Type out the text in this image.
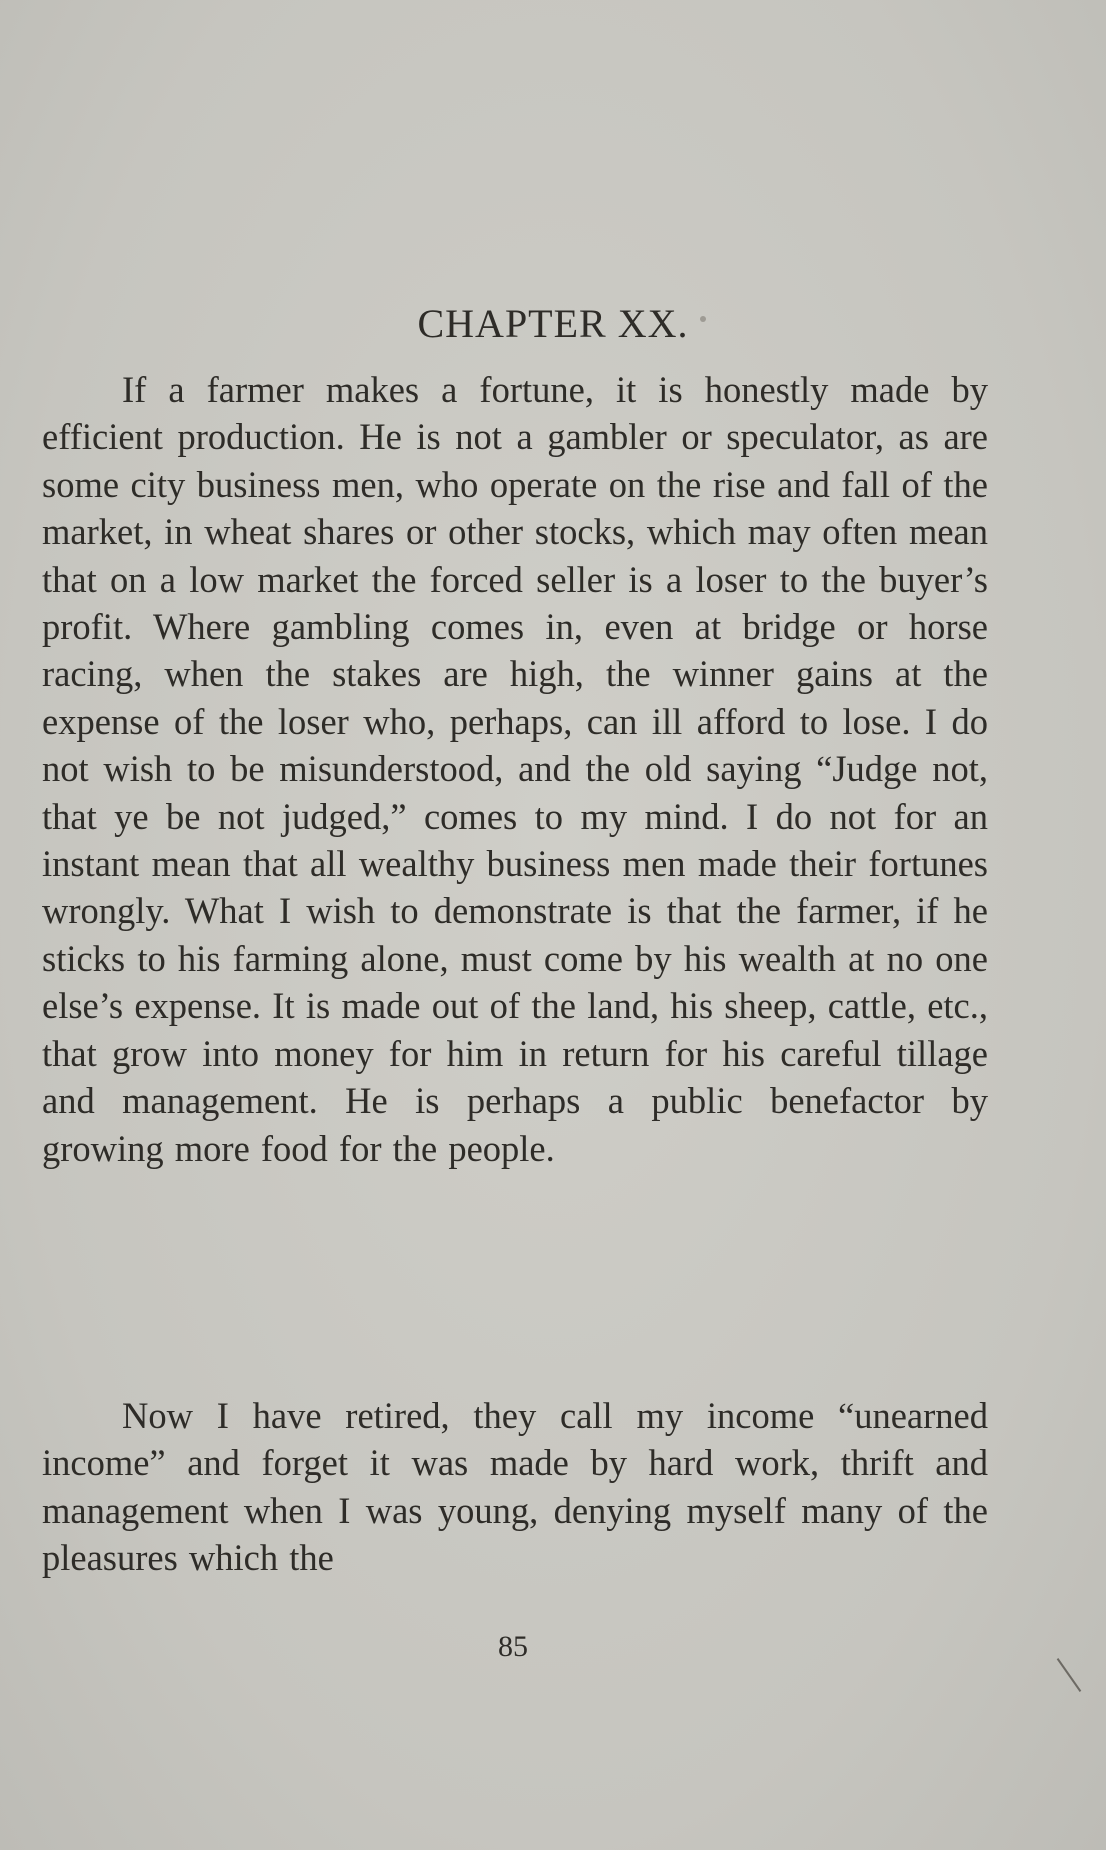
CHAPTER XX.

If a farmer makes a fortune, it is honestly made by efficient production. He is not a gambler or speculator, as are some city business men, who operate on the rise and fall of the market, in wheat shares or other stocks, which may often mean that on a low market the forced seller is a loser to the buyer’s profit. Where gambling comes in, even at bridge or horse racing, when the stakes are high, the winner gains at the expense of the loser who, perhaps, can ill afford to lose. I do not wish to be misunderstood, and the old saying “Judge not, that ye be not judged,” comes to my mind. I do not for an instant mean that all wealthy business men made their fortunes wrongly. What I wish to demonstrate is that the farmer, if he sticks to his farming alone, must come by his wealth at no one else’s expense. It is made out of the land, his sheep, cattle, etc., that grow into money for him in return for his careful tillage and management. He is perhaps a public benefactor by growing more food for the people.

Now I have retired, they call my income “unearned income” and forget it was made by hard work, thrift and management when I was young, denying myself many of the pleasures which the

85
